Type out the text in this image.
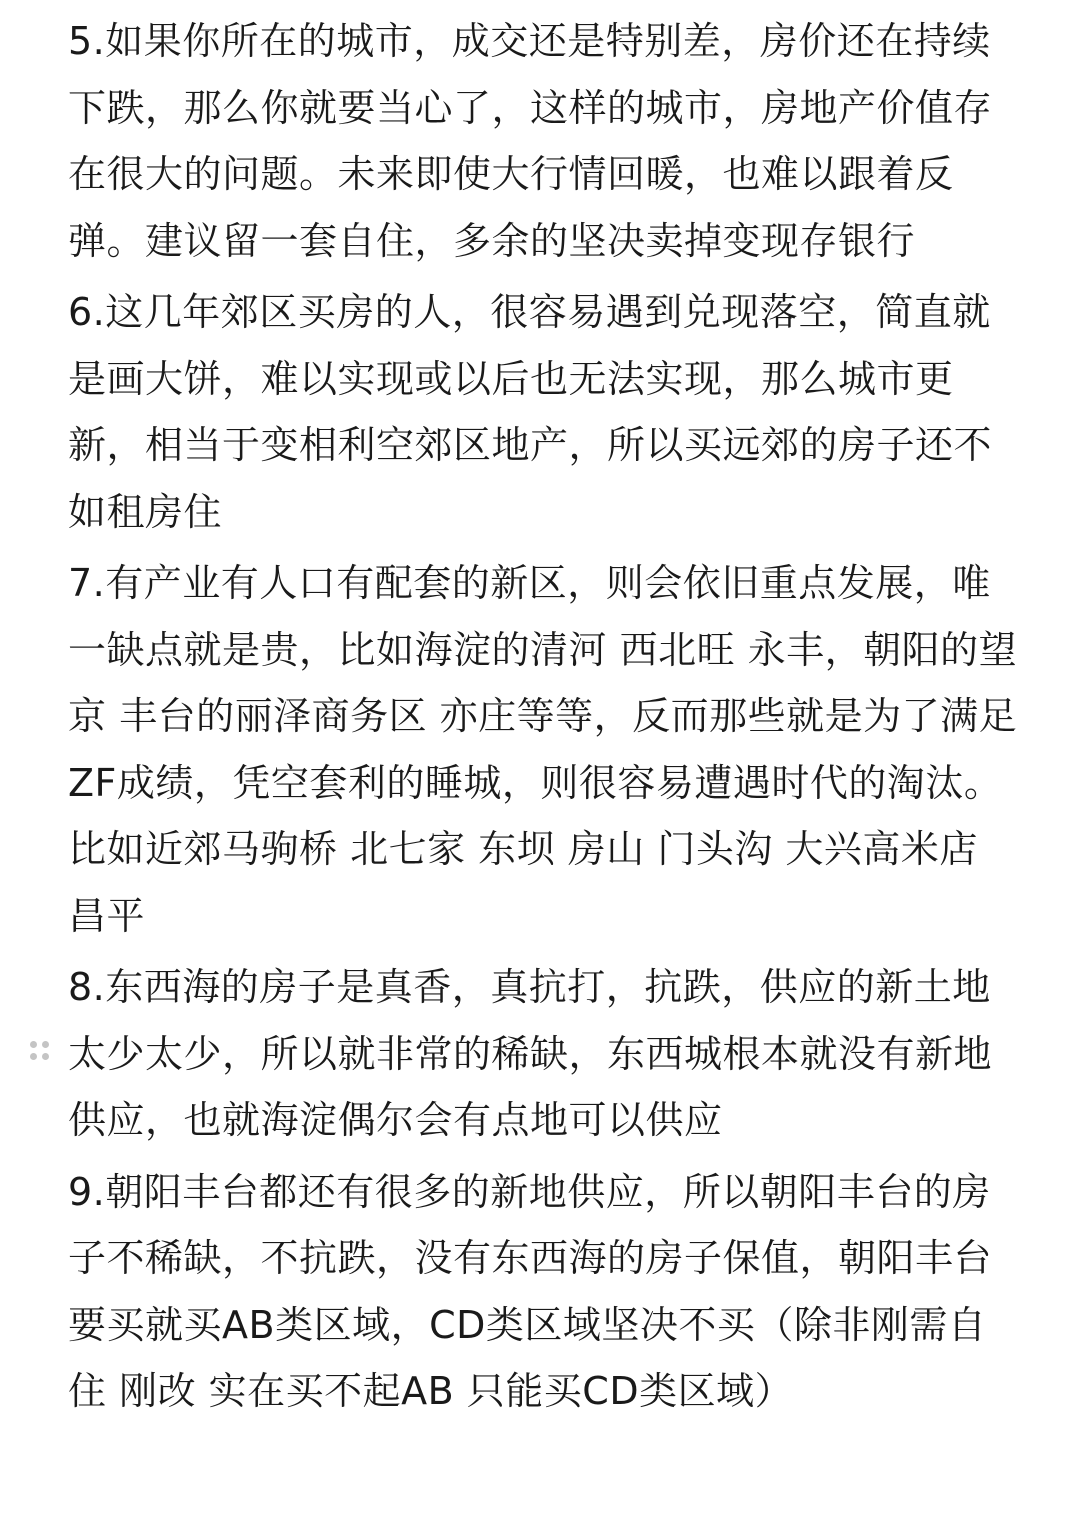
5.如果你所在的城市，成交还是特别差，房价还在持续下跌，那么你就要当心了，这样的城市，房地产价值存在很大的问题。未来即使大行情回暖，也难以跟着反弹。建议留一套自住，多余的坚决卖掉变现存银行

6.这几年郊区买房的人，很容易遇到兑现落空，简直就是画大饼，难以实现或以后也无法实现，那么城市更新，相当于变相利空郊区地产，所以买远郊的房子还不如租房住

7.有产业有人口有配套的新区，则会依旧重点发展，唯一缺点就是贵，比如海淀的清河 西北旺 永丰，朝阳的望京 丰台的丽泽商务区 亦庄等等，反而那些就是为了满足ZF成绩，凭空套利的睡城，则很容易遭遇时代的淘汰。比如近郊马驹桥 北七家 东坝 房山 门头沟 大兴高米店 昌平

8.东西海的房子是真香，真抗打，抗跌，供应的新土地太少太少，所以就非常的稀缺，东西城根本就没有新地供应，也就海淀偶尔会有点地可以供应

9.朝阳丰台都还有很多的新地供应，所以朝阳丰台的房子不稀缺，不抗跌，没有东西海的房子保值，朝阳丰台要买就买AB类区域，CD类区域坚决不买（除非刚需自住 刚改 实在买不起AB 只能买CD类区域）
